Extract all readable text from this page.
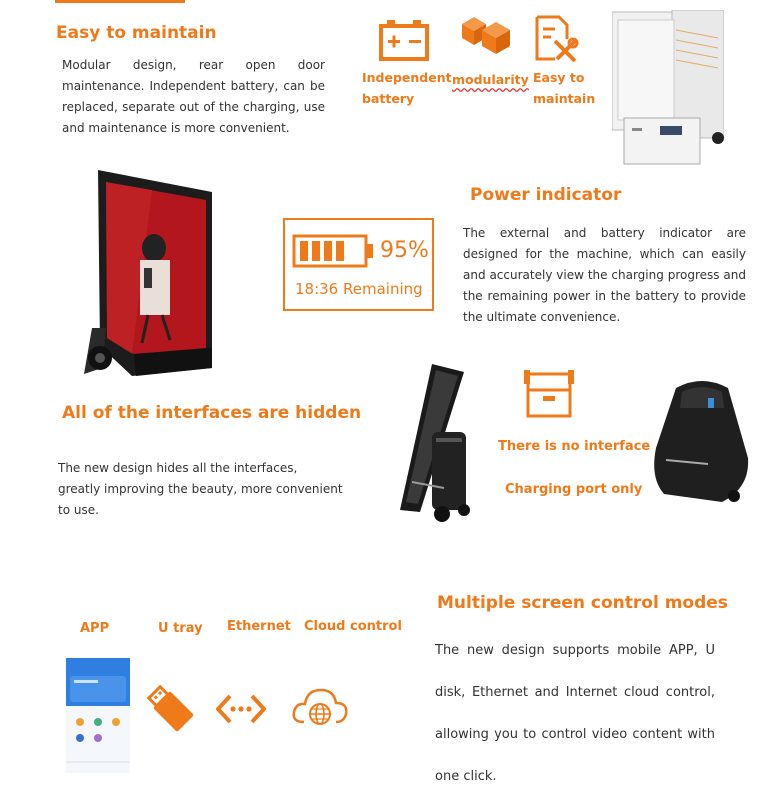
Easy to maintain
Modular design, rear open door maintenance. Independent battery, can be replaced, separate out of the charging, use and maintenance is more convenient.
Independent
battery
modularity Easy to
maintain
95%
18:36 Remaining
Power indicator
The external and battery indicator are designed for the machine, which can easily and accurately view the charging progress and the remaining power in the battery to provide the ultimate convenience.
All of the interfaces are hidden
The new design hides all the interfaces, greatly improving the beauty, more convenient to use.
There is no interface
Charging port only
APP	U tray Ethernet Cloud control
Multiple screen control modes
The new design supports mobile APP, U disk, Ethernet and Internet cloud control, allowing you to control video content with one click.
